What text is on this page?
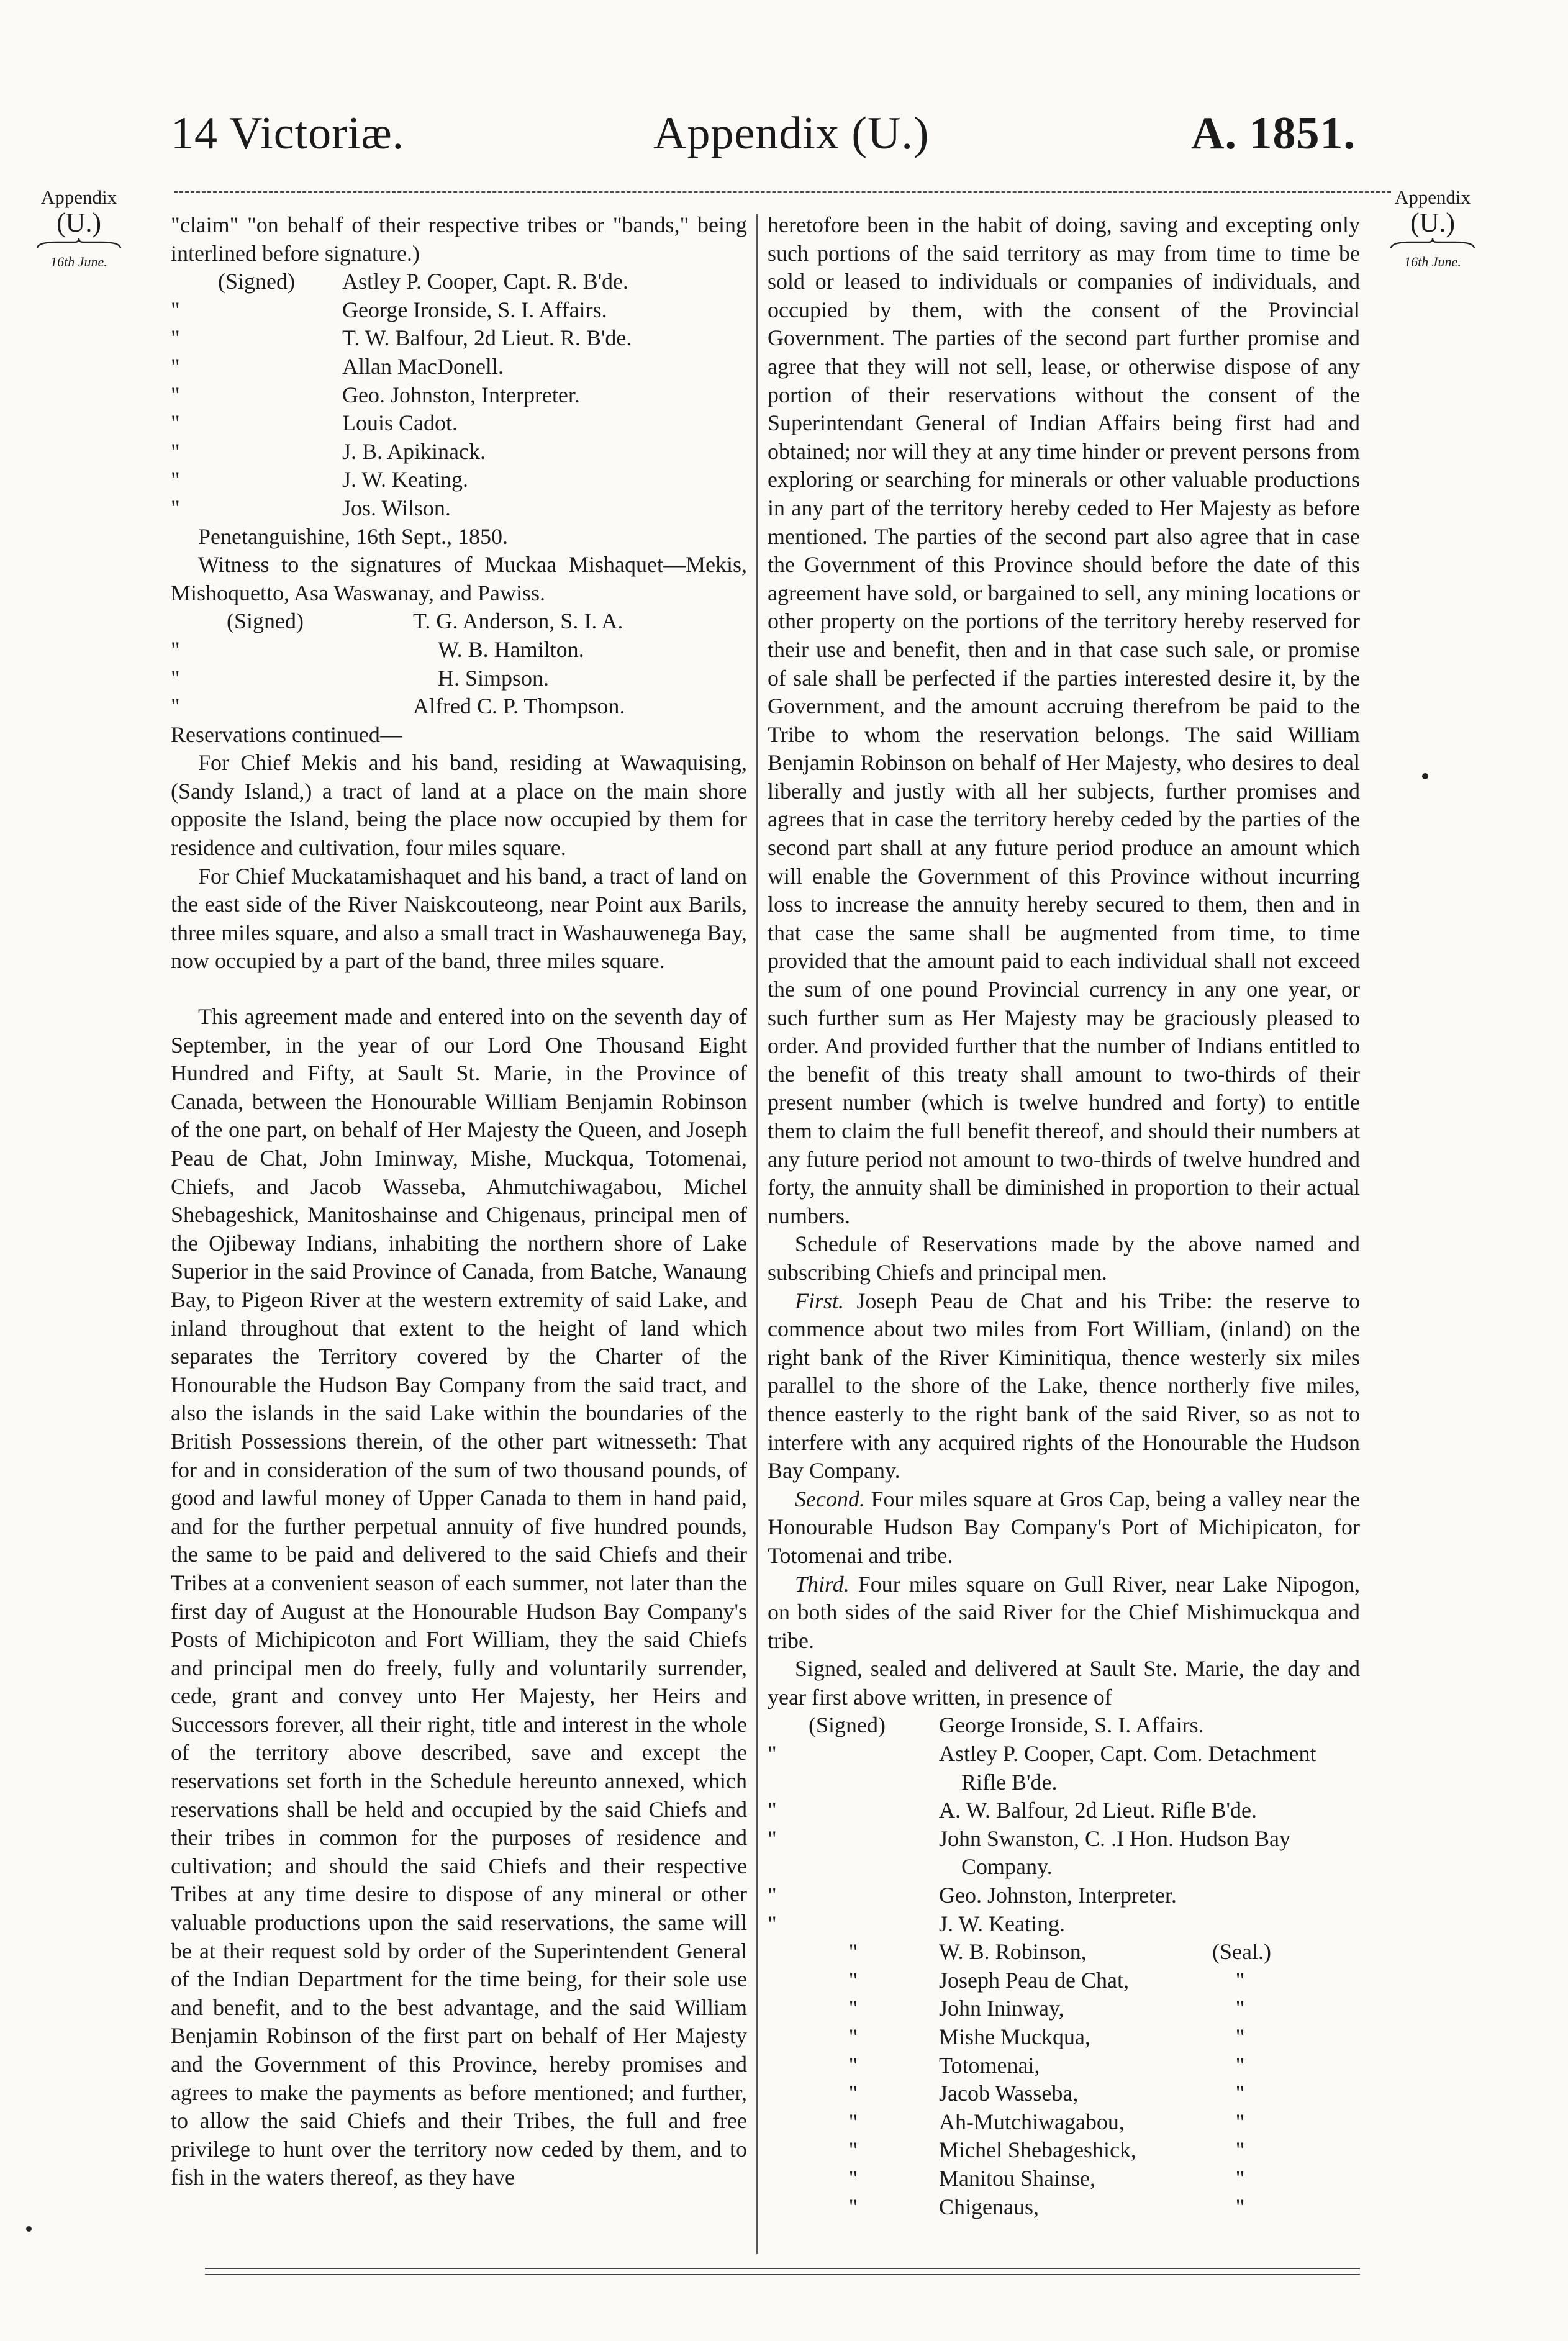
14 Victoriæ.	Appendix (U.)	A. 1851.
Appendix
(U.)
16th June.
Appendix
(U.)
16th June.

"claim" "on behalf of their respective tribes or "bands," being interlined before signature.)

(Signed)	Astley P. Cooper, Capt. R. B'de.
"	George Ironside, S. I. Affairs.
"	T. W. Balfour, 2d Lieut. R. B'de.
"	Allan MacDonell.
"	Geo. Johnston, Interpreter.
"	Louis Cadot.
"	J. B. Apikinack.
"	J. W. Keating.
"	Jos. Wilson.

Penetanguishine, 16th Sept., 1850.

Witness to the signatures of Muckaa Mishaquet—Mekis, Mishoquetto, Asa Waswanay, and Pawiss.

(Signed)	T. G. Anderson, S. I. A.
"	W. B. Hamilton.
"	H. Simpson.
"	Alfred C. P. Thompson.

Reservations continued—

For Chief Mekis and his band, residing at Wawaquising, (Sandy Island,) a tract of land at a place on the main shore opposite the Island, being the place now occupied by them for residence and cultivation, four miles square.

For Chief Muckatamishaquet and his band, a tract of land on the east side of the River Naiskcouteong, near Point aux Barils, three miles square, and also a small tract in Washauwenega Bay, now occupied by a part of the band, three miles square.

This agreement made and entered into on the seventh day of September, in the year of our Lord One Thousand Eight Hundred and Fifty, at Sault St. Marie, in the Province of Canada, between the Honourable William Benjamin Robinson of the one part, on behalf of Her Majesty the Queen, and Joseph Peau de Chat, John Iminway, Mishe, Muckqua, Totomenai, Chiefs, and Jacob Wasseba, Ahmutchiwagabou, Michel Shebageshick, Manitoshainse and Chigenaus, principal men of the Ojibeway Indians, inhabiting the northern shore of Lake Superior in the said Province of Canada, from Batche, Wanaung Bay, to Pigeon River at the western extremity of said Lake, and inland throughout that extent to the height of land which separates the Territory covered by the Charter of the Honourable the Hudson Bay Company from the said tract, and also the islands in the said Lake within the boundaries of the British Possessions therein, of the other part witnesseth: That for and in consideration of the sum of two thousand pounds, of good and lawful money of Upper Canada to them in hand paid, and for the further perpetual annuity of five hundred pounds, the same to be paid and delivered to the said Chiefs and their Tribes at a convenient season of each summer, not later than the first day of August at the Honourable Hudson Bay Company's Posts of Michipicoton and Fort William, they the said Chiefs and principal men do freely, fully and voluntarily surrender, cede, grant and convey unto Her Majesty, her Heirs and Successors forever, all their right, title and interest in the whole of the territory above described, save and except the reservations set forth in the Schedule hereunto annexed, which reservations shall be held and occupied by the said Chiefs and their tribes in common for the purposes of residence and cultivation; and should the said Chiefs and their respective Tribes at any time desire to dispose of any mineral or other valuable productions upon the said reservations, the same will be at their request sold by order of the Superintendent General of the Indian Department for the time being, for their sole use and benefit, and to the best advantage, and the said William Benjamin Robinson of the first part on behalf of Her Majesty and the Government of this Province, hereby promises and agrees to make the payments as before mentioned; and further, to allow the said Chiefs and their Tribes, the full and free privilege to hunt over the territory now ceded by them, and to fish in the waters thereof, as they have

heretofore been in the habit of doing, saving and excepting only such portions of the said territory as may from time to time be sold or leased to individuals or companies of individuals, and occupied by them, with the consent of the Provincial Government. The parties of the second part further promise and agree that they will not sell, lease, or otherwise dispose of any portion of their reservations without the consent of the Superintendant General of Indian Affairs being first had and obtained; nor will they at any time hinder or prevent persons from exploring or searching for minerals or other valuable productions in any part of the territory hereby ceded to Her Majesty as before mentioned. The parties of the second part also agree that in case the Government of this Province should before the date of this agreement have sold, or bargained to sell, any mining locations or other property on the portions of the territory hereby reserved for their use and benefit, then and in that case such sale, or promise of sale shall be perfected if the parties interested desire it, by the Government, and the amount accruing therefrom be paid to the Tribe to whom the reservation belongs. The said William Benjamin Robinson on behalf of Her Majesty, who desires to deal liberally and justly with all her subjects, further promises and agrees that in case the territory hereby ceded by the parties of the second part shall at any future period produce an amount which will enable the Government of this Province without incurring loss to increase the annuity hereby secured to them, then and in that case the same shall be augmented from time, to time provided that the amount paid to each individual shall not exceed the sum of one pound Provincial currency in any one year, or such further sum as Her Majesty may be graciously pleased to order. And provided further that the number of Indians entitled to the benefit of this treaty shall amount to two-thirds of their present number (which is twelve hundred and forty) to entitle them to claim the full benefit thereof, and should their numbers at any future period not amount to two-thirds of twelve hundred and forty, the annuity shall be diminished in proportion to their actual numbers.

Schedule of Reservations made by the above named and subscribing Chiefs and principal men.

First. Joseph Peau de Chat and his Tribe: the reserve to commence about two miles from Fort William, (inland) on the right bank of the River Kiminitiqua, thence westerly six miles parallel to the shore of the Lake, thence northerly five miles, thence easterly to the right bank of the said River, so as not to interfere with any acquired rights of the Honourable the Hudson Bay Company.

Second. Four miles square at Gros Cap, being a valley near the Honourable Hudson Bay Company's Port of Michipicaton, for Totomenai and tribe.

Third. Four miles square on Gull River, near Lake Nipogon, on both sides of the said River for the Chief Mishimuckqua and tribe.

Signed, sealed and delivered at Sault Ste. Marie, the day and year first above written, in presence of

(Signed)	George Ironside, S. I. Affairs.
"	Astley P. Cooper, Capt. Com. Detachment Rifle B'de.
"	A. W. Balfour, 2d Lieut. Rifle B'de.
"	John Swanston, C. .I Hon. Hudson Bay Company.
"	Geo. Johnston, Interpreter.
"	J. W. Keating.
"	W. B. Robinson,	(Seal.)
"	Joseph Peau de Chat,	"
"	John Ininway,	"
"	Mishe Muckqua,	"
"	Totomenai,	"
"	Jacob Wasseba,	"
"	Ah-Mutchiwagabou,	"
"	Michel Shebageshick,	"
"	Manitou Shainse,	"
"	Chigenaus,	"
